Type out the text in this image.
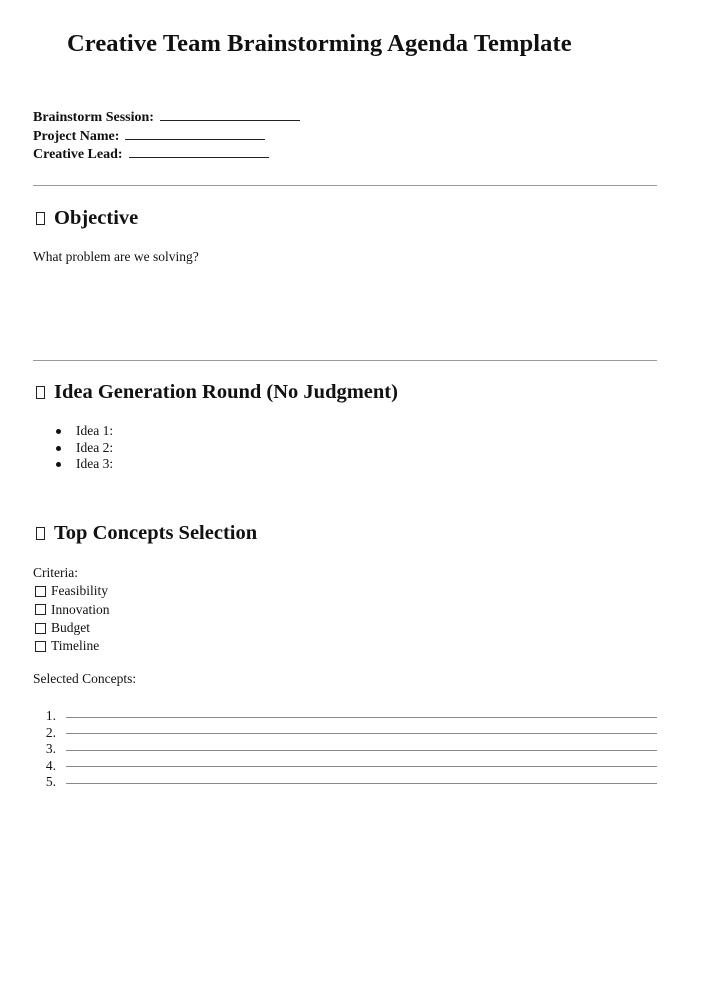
Creative Team Brainstorming Agenda Template
Brainstorm Session:
Project Name:
Creative Lead:
Objective
What problem are we solving?
Idea Generation Round (No Judgment)
Idea 1:
Idea 2:
Idea 3:
Top Concepts Selection
Criteria:
Feasibility
Innovation
Budget
Timeline
Selected Concepts:
1.
2.
3.
4.
5.
